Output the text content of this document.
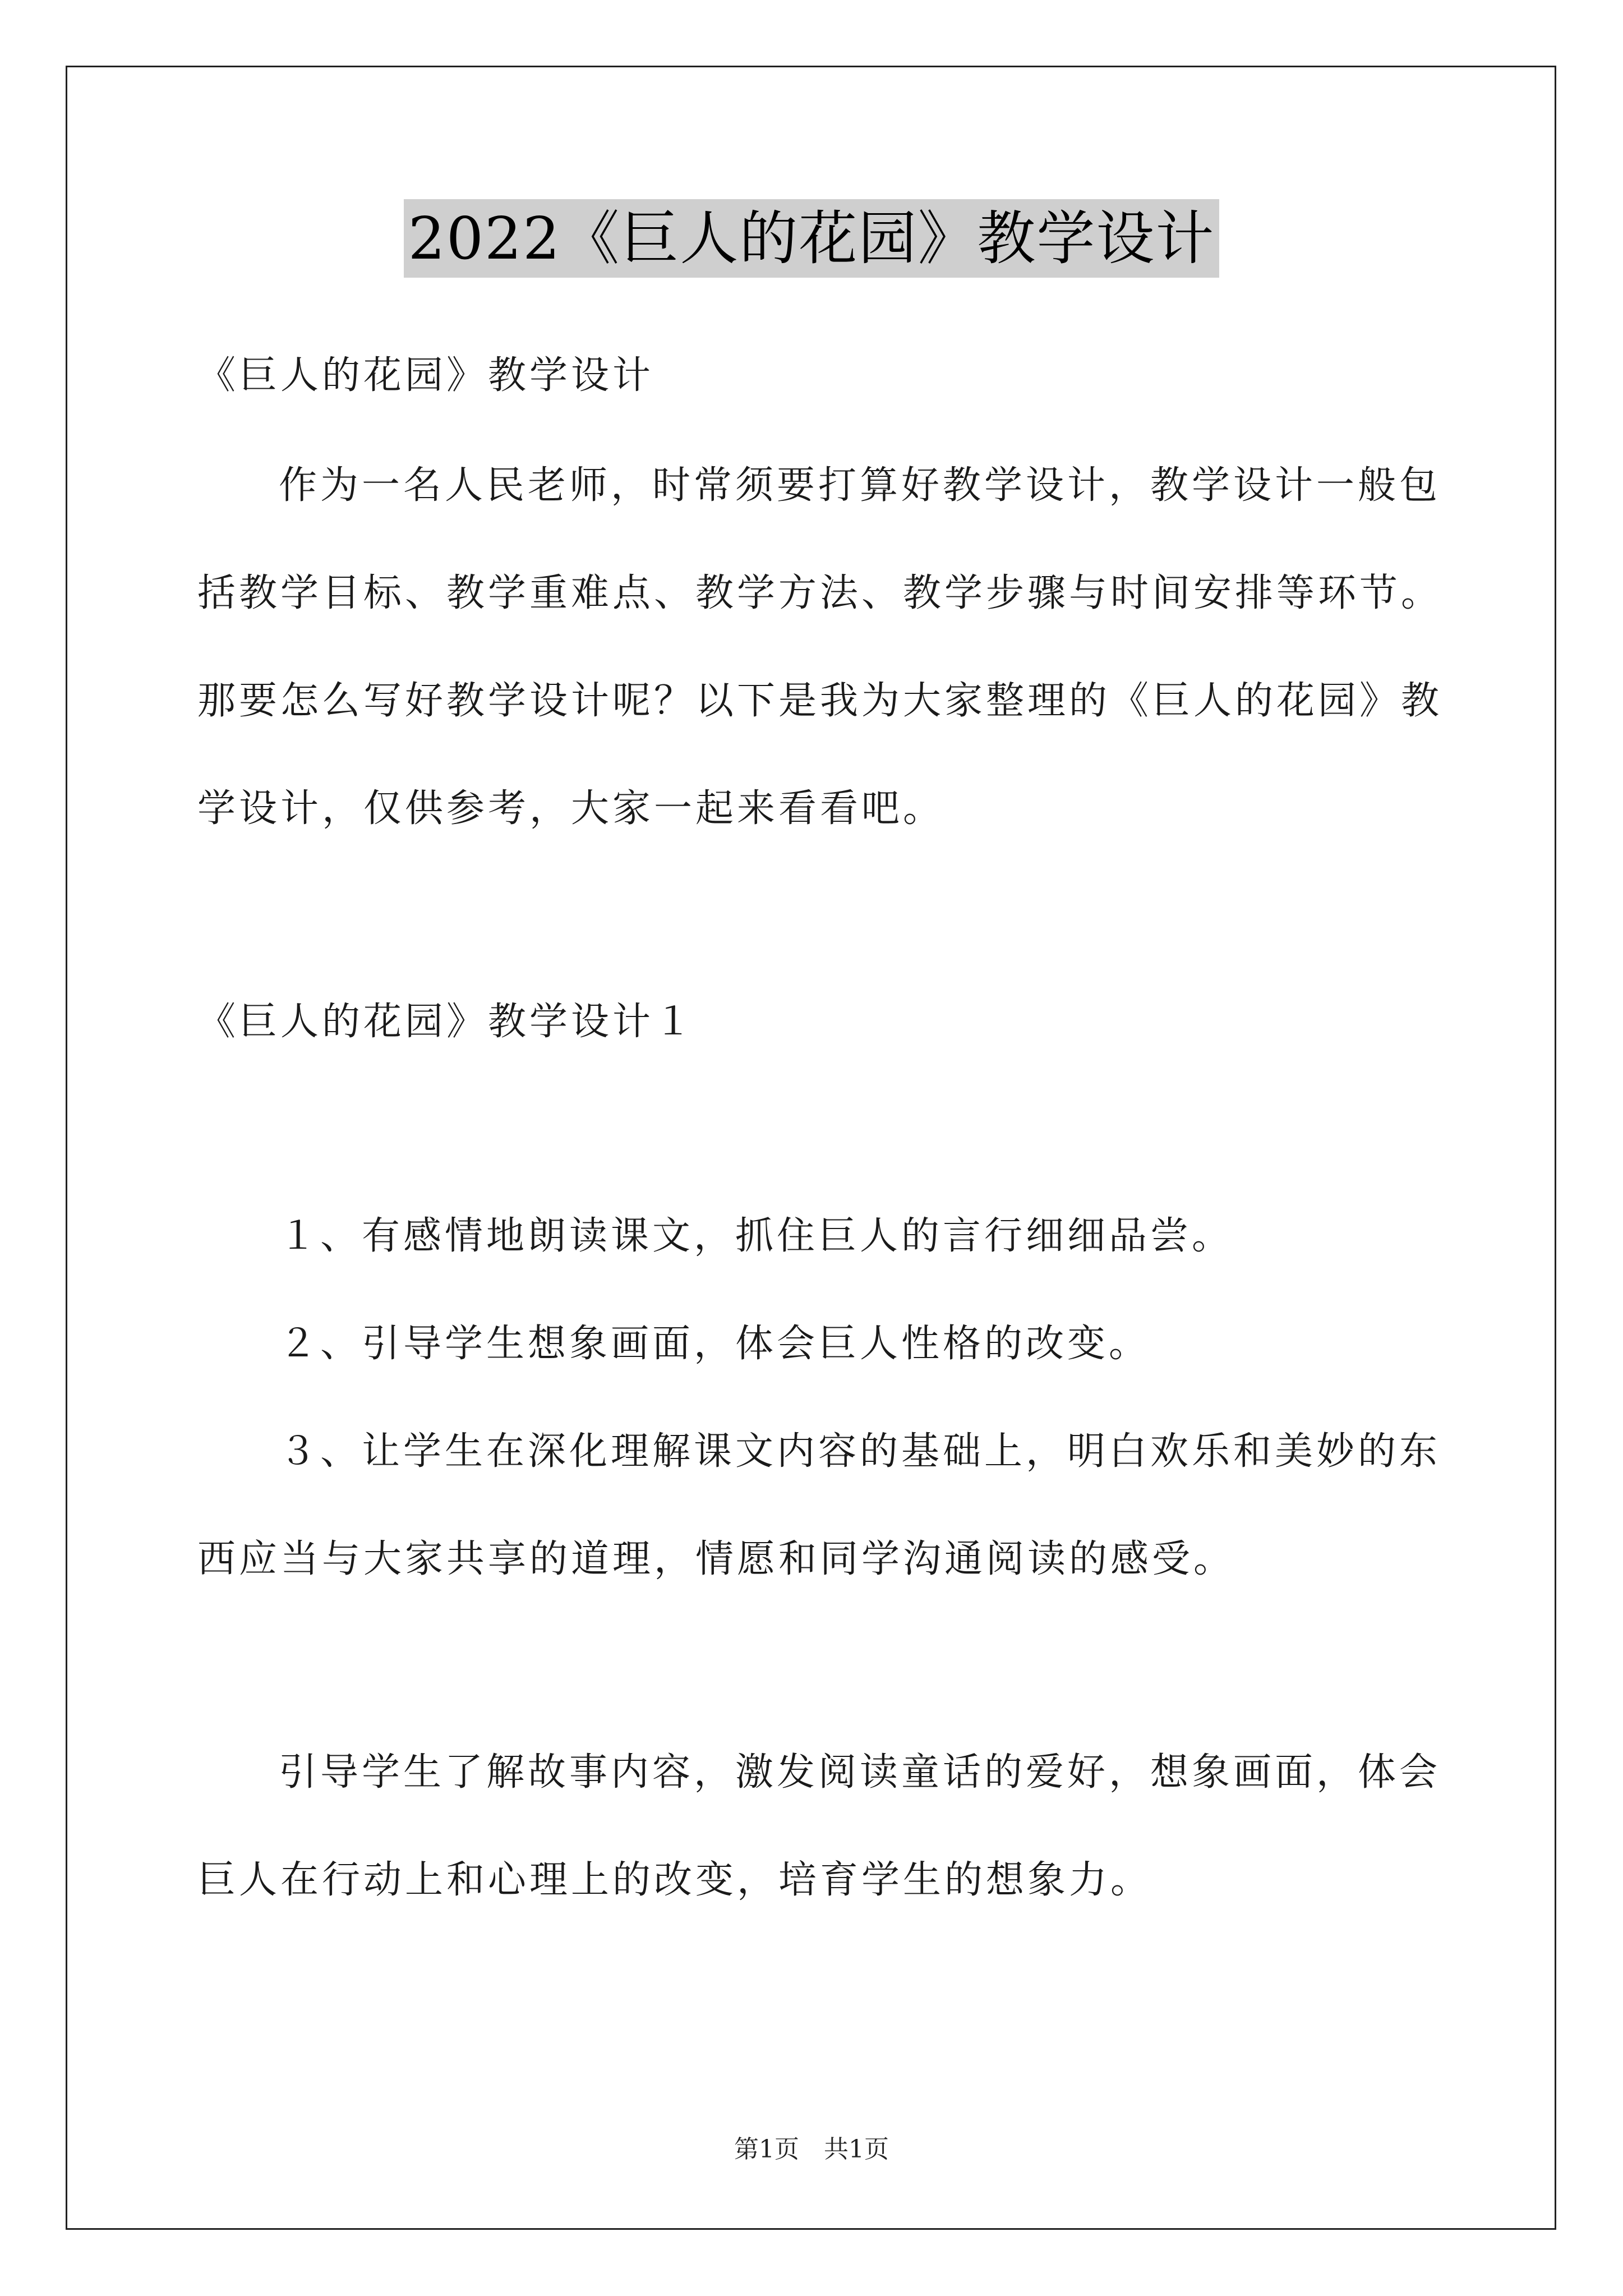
2022《巨人的花园》教学设计
《巨人的花园》教学设计
作为一名人民老师，时常须要打算好教学设计，教学设计一般包
括教学目标、教学重难点、教学方法、教学步骤与时间安排等环节。
那要怎么写好教学设计呢？以下是我为大家整理的《巨人的花园》教
学设计，仅供参考，大家一起来看看吧。
《巨人的花园》教学设计１
１、有感情地朗读课文，抓住巨人的言行细细品尝。
２、引导学生想象画面，体会巨人性格的改变。
３、让学生在深化理解课文内容的基础上，明白欢乐和美妙的东
西应当与大家共享的道理，情愿和同学沟通阅读的感受。
引导学生了解故事内容，激发阅读童话的爱好，想象画面，体会
巨人在行动上和心理上的改变，培育学生的想象力。
第1页　共1页
